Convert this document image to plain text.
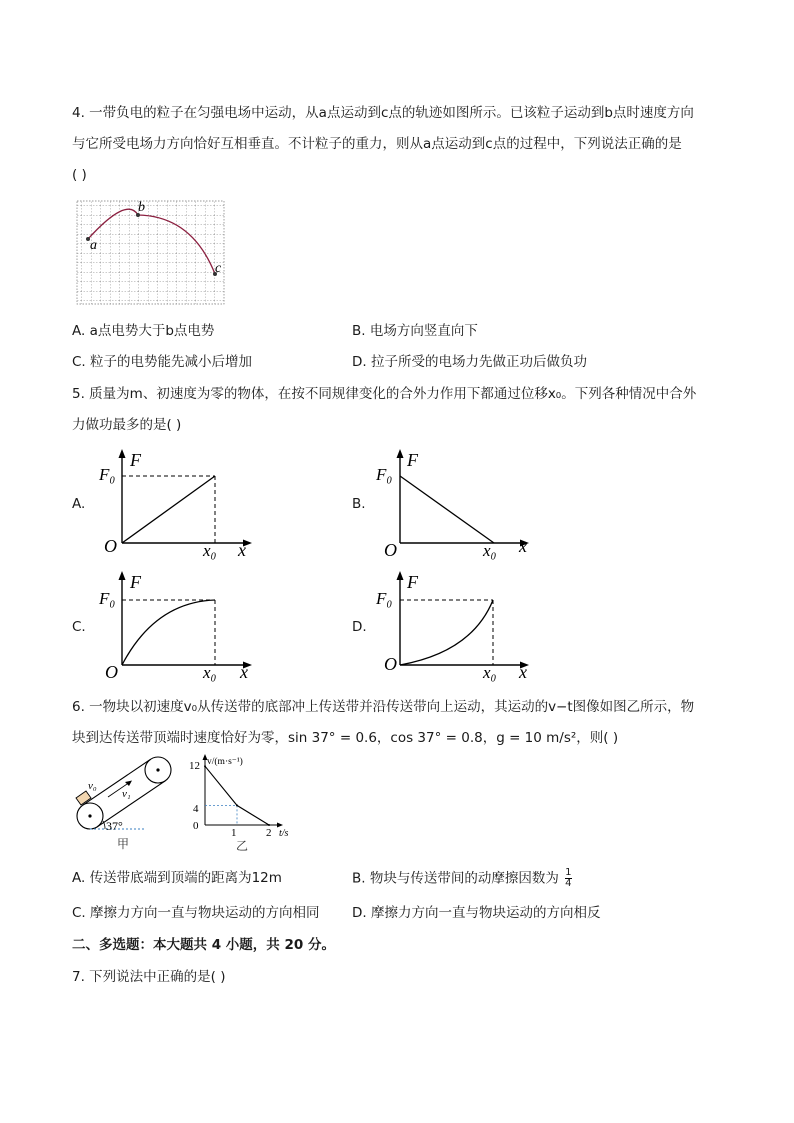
4. 一带负电的粒子在匀强电场中运动，从a点运动到c点的轨迹如图所示。已该粒子运动到b点时速度方向
与它所受电场力方向恰好互相垂直。不计粒子的重力，则从a点运动到c点的过程中，下列说法正确的是
( )
a
b
c
A. a点电势大于b点电势	B. 电场方向竖直向下
C. 粒子的电势能先减小后增加	D. 拉子所受的电场力先做正功后做负功
5. 质量为m、初速度为零的物体，在按不同规律变化的合外力作用下都通过位移x₀。下列各种情况中合外
力做功最多的是( )
A.
F
F₀
O	x₀ x
B.
F
F₀
O	x₀ x
C.
F
F₀
O	x₀ x
D.
F
F₀
O	x₀ x
6. 一物块以初速度v₀从传送带的底部冲上传送带并沿传送带向上运动，其运动的v−t图像如图乙所示，物
块到达传送带顶端时速度恰好为零，sin 37° = 0.6，cos 37° = 0.8，g = 10 m/s²，则( )
v₀
v₁
37°
甲
v/(m·s⁻¹)
12
4
0
1	2 t/s
乙
A. 传送带底端到顶端的距离为12m	B. 物块与传送带间的动摩擦因数为 $\frac{1}{4}$
C. 摩擦力方向一直与物块运动的方向相同 D. 摩擦力方向一直与物块运动的方向相反
二、多选题：本大题共 4 小题，共 20 分。
7. 下列说法中正确的是( )
